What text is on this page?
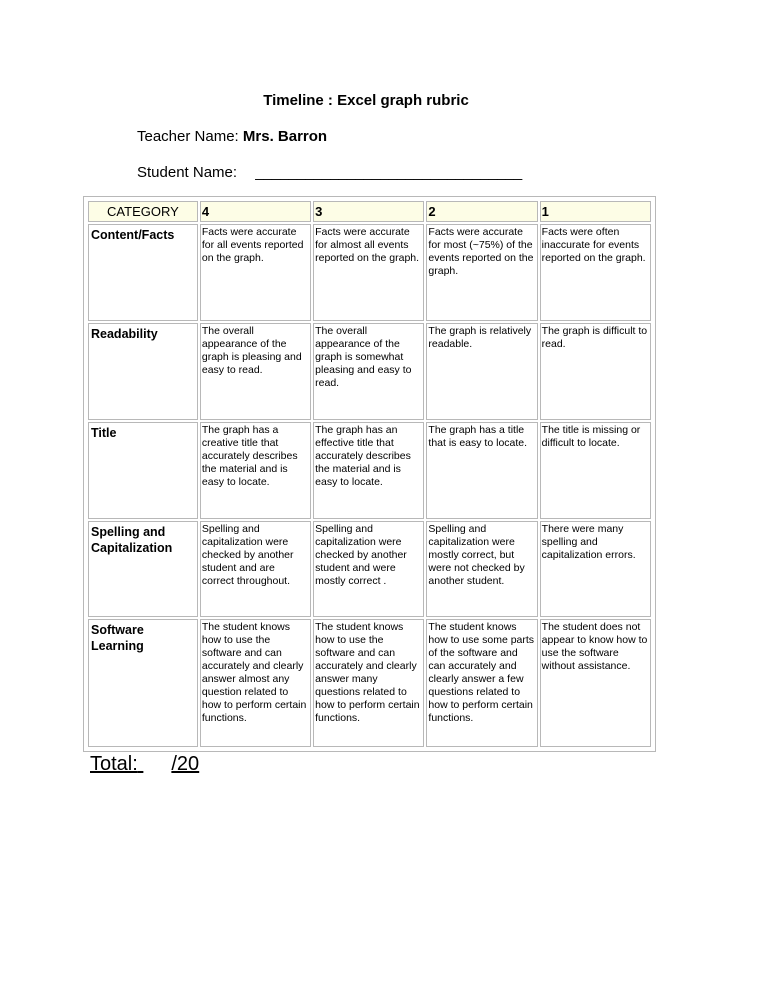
Timeline : Excel graph rubric
Teacher Name: Mrs. Barron
Student Name: ________________________________
CATEGORY	4	3	2	1
Content/Facts	Facts were accurate for all events reported on the graph.	Facts were accurate for almost all events reported on the graph.	Facts were accurate for most (~75%) of the events reported on the graph.	Facts were often inaccurate for events reported on the graph.
Readability	The overall appearance of the graph is pleasing and easy to read.	The overall appearance of the graph is somewhat pleasing and easy to read.	The graph is relatively readable.	The graph is difficult to read.
Title	The graph has a creative title that accurately describes the material and is easy to locate.	The graph has an effective title that accurately describes the material and is easy to locate.	The graph has a title that is easy to locate.	The title is missing or difficult to locate.
Spelling and Capitalization	Spelling and capitalization were checked by another student and are correct throughout.	Spelling and capitalization were checked by another student and were mostly correct .	Spelling and capitalization were mostly correct, but were not checked by another student.	There were many spelling and capitalization errors.
Software Learning	The student knows how to use the software and can accurately and clearly answer almost any question related to how to perform certain functions.	The student knows how to use the software and can accurately and clearly answer many questions related to how to perform certain functions.	The student knows how to use some parts of the software and can accurately and clearly answer a few questions related to how to perform certain functions.	The student does not appear to know how to use the software without assistance.
Total: /20
